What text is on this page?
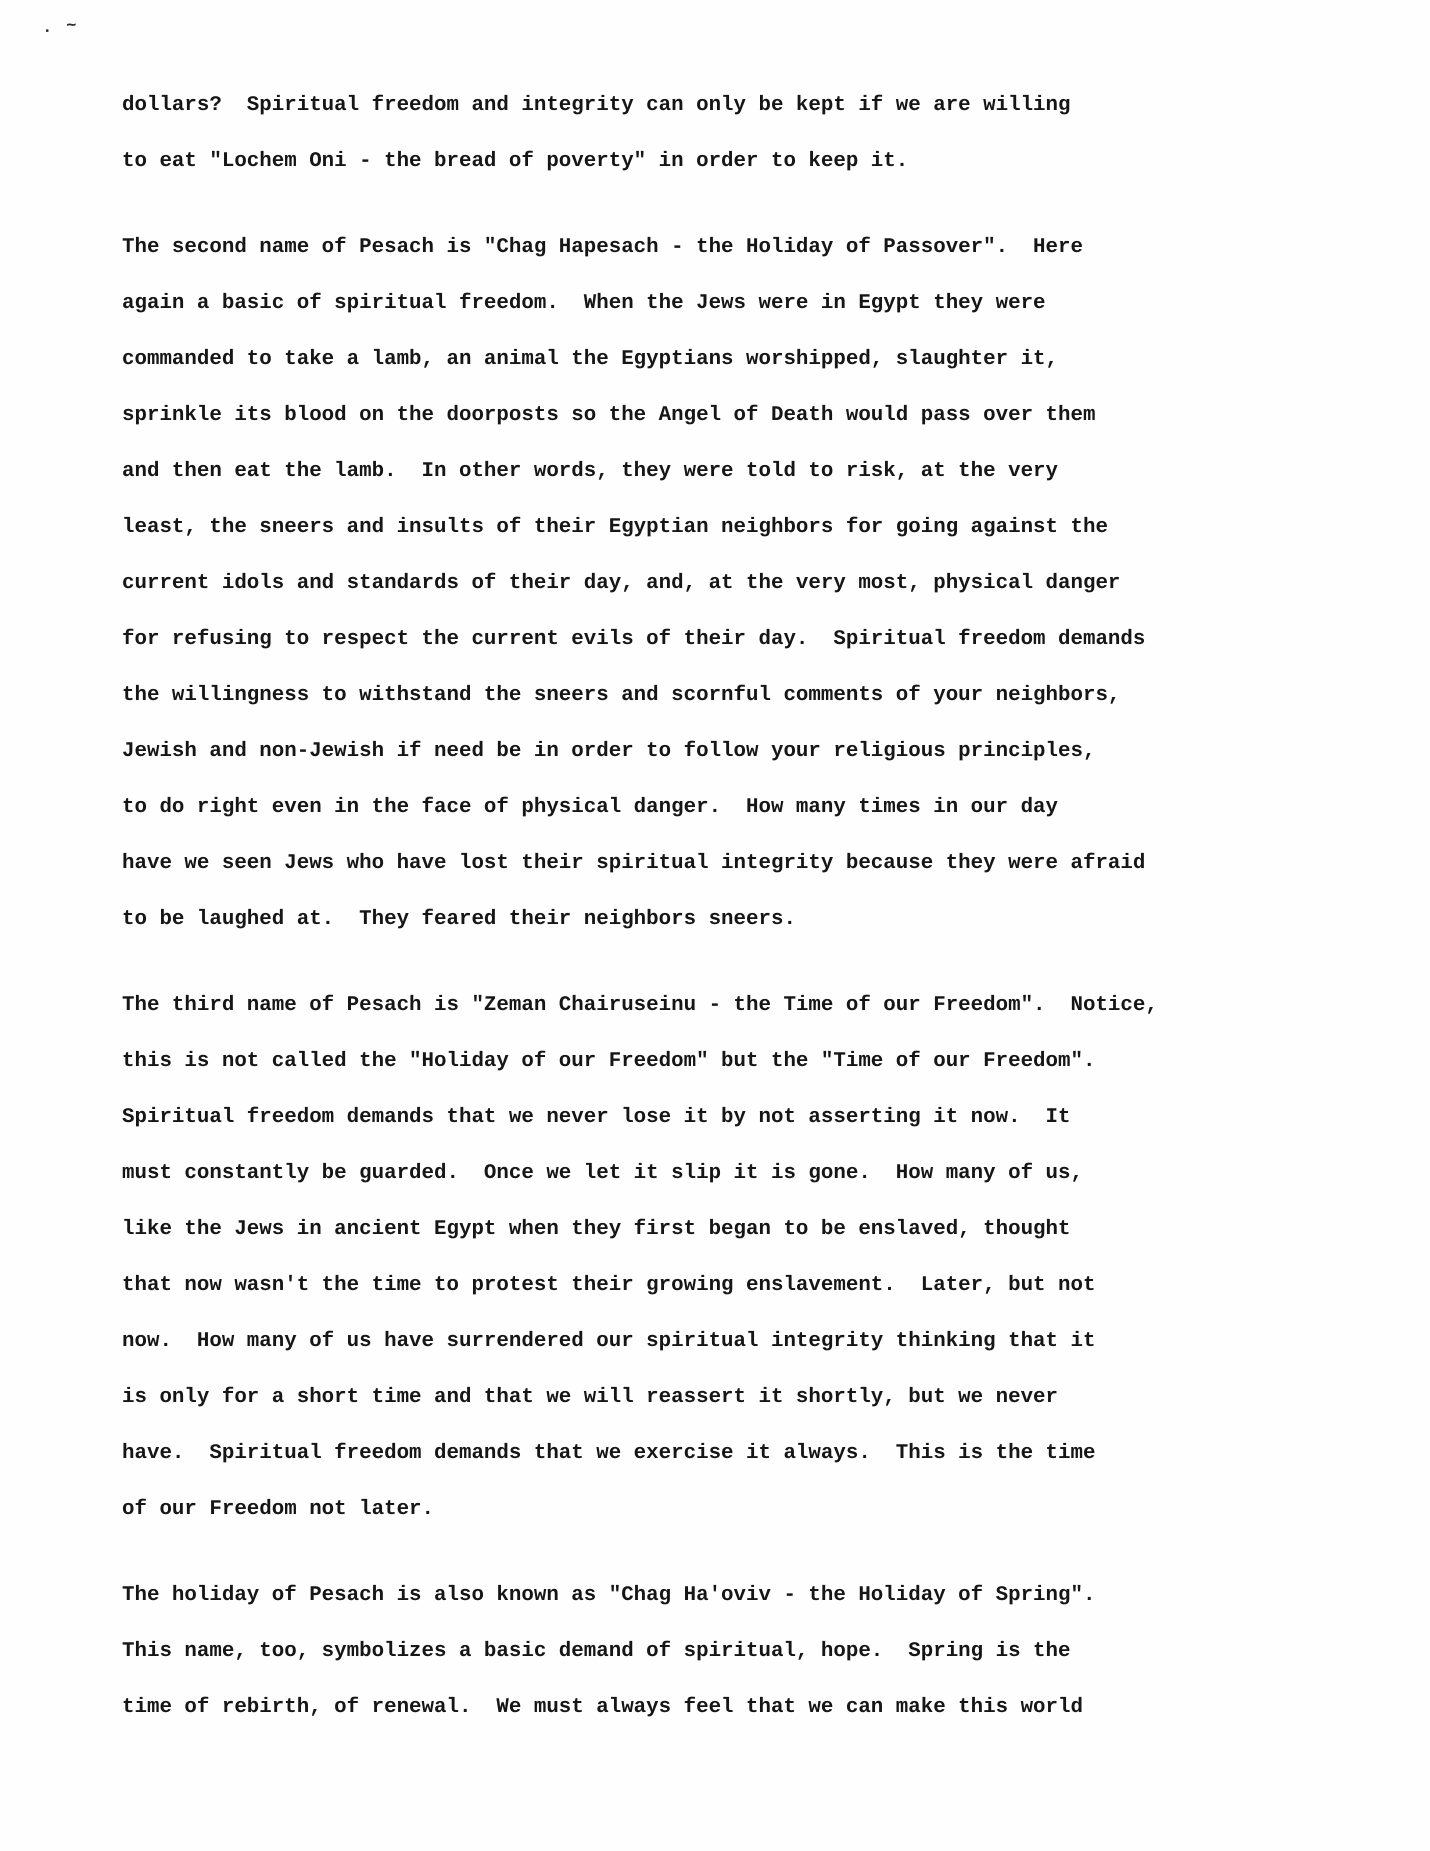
. ~
dollars?  Spiritual freedom and integrity can only be kept if we are willing
to eat "Lochem Oni - the bread of poverty" in order to keep it.
The second name of Pesach is "Chag Hapesach - the Holiday of Passover".  Here
again a basic of spiritual freedom.  When the Jews were in Egypt they were
commanded to take a lamb, an animal the Egyptians worshipped, slaughter it,
sprinkle its blood on the doorposts so the Angel of Death would pass over them
and then eat the lamb.  In other words, they were told to risk, at the very
least, the sneers and insults of their Egyptian neighbors for going against the
current idols and standards of their day, and, at the very most, physical danger
for refusing to respect the current evils of their day.  Spiritual freedom demands
the willingness to withstand the sneers and scornful comments of your neighbors,
Jewish and non-Jewish if need be in order to follow your religious principles,
to do right even in the face of physical danger.  How many times in our day
have we seen Jews who have lost their spiritual integrity because they were afraid
to be laughed at.  They feared their neighbors sneers.
The third name of Pesach is "Zeman Chairuseinu - the Time of our Freedom".  Notice,
this is not called the "Holiday of our Freedom" but the "Time of our Freedom".
Spiritual freedom demands that we never lose it by not asserting it now.  It
must constantly be guarded.  Once we let it slip it is gone.  How many of us,
like the Jews in ancient Egypt when they first began to be enslaved, thought
that now wasn't the time to protest their growing enslavement.  Later, but not
now.  How many of us have surrendered our spiritual integrity thinking that it
is only for a short time and that we will reassert it shortly, but we never
have.  Spiritual freedom demands that we exercise it always.  This is the time
of our Freedom not later.
The holiday of Pesach is also known as "Chag Ha'oviv - the Holiday of Spring".
This name, too, symbolizes a basic demand of spiritual, hope.  Spring is the
time of rebirth, of renewal.  We must always feel that we can make this world
